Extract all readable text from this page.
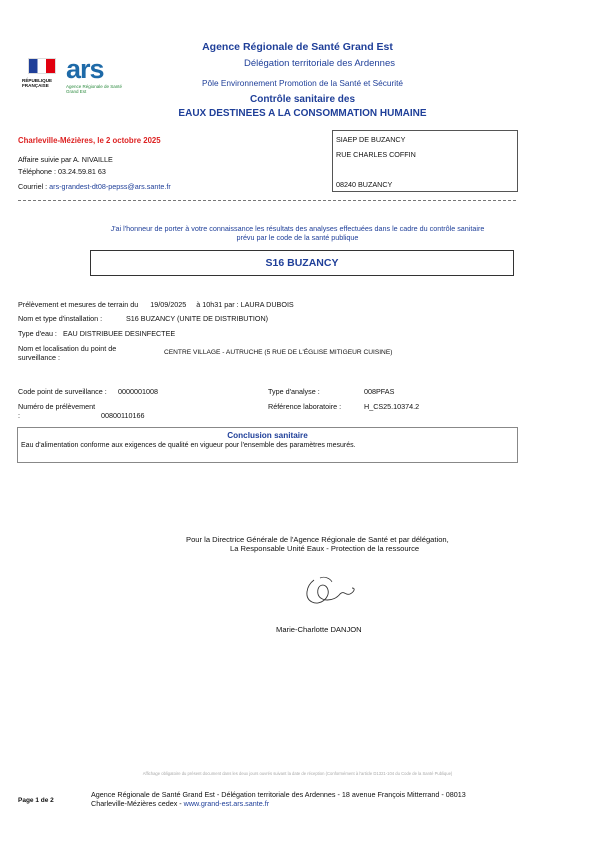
RÉPUBLIQUE
FRANÇAISE
ars
Agence Régionale de Santé
Grand Est
Agence Régionale de Santé Grand Est
Délégation territoriale des Ardennes
Pôle Environnement Promotion de la Santé et Sécurité
Contrôle sanitaire des
EAUX DESTINEES A LA CONSOMMATION HUMAINE
Charleville-Mézières, le 2 octobre 2025
Affaire suivie par A. NIVAILLE
Téléphone : 03.24.59.81 63
Courriel : ars-grandest-dt08-pepss@ars.sante.fr
SIAEP DE BUZANCY
RUE CHARLES COFFIN
08240 BUZANCY
J'ai l'honneur de porter à votre connaissance les résultats des analyses effectuées dans le cadre du contrôle sanitaire
prévu par le code de la santé publique
S16 BUZANCY
Prélèvement et mesures de terrain du 19/09/2025 à 10h31 par : LAURA DUBOIS
Nom et type d'installation :	S16 BUZANCY (UNITE DE DISTRIBUTION)
Type d'eau : EAU DISTRIBUEE DESINFECTEE
Nom et localisation du point de surveillance :
CENTRE VILLAGE - AUTRUCHE (5 RUE DE L'ÉGLISE MITIGEUR CUISINE)
Code point de surveillance : 0000001008
Numéro de prélèvement :	00800110166
Type d'analyse :	008PFAS
Référence laboratoire :	H_CS25.10374.2
Conclusion sanitaire
Eau d'alimentation conforme aux exigences de qualité en vigueur pour l'ensemble des paramètres mesurés.
Pour la Directrice Générale de l'Agence Régionale de Santé et par délégation,
La Responsable Unité Eaux - Protection de la ressource
Marie-Charlotte DANJON
Affichage obligatoire du présent document dans les deux jours ouvrés suivant la date de réception (Conformément à l'article D1321-104 du Code de la Santé Publique)
Page 1 de 2
Agence Régionale de Santé Grand Est - Délégation territoriale des Ardennes - 18 avenue François Mitterrand - 08013
Charleville-Mézières cedex - www.grand-est.ars.sante.fr
